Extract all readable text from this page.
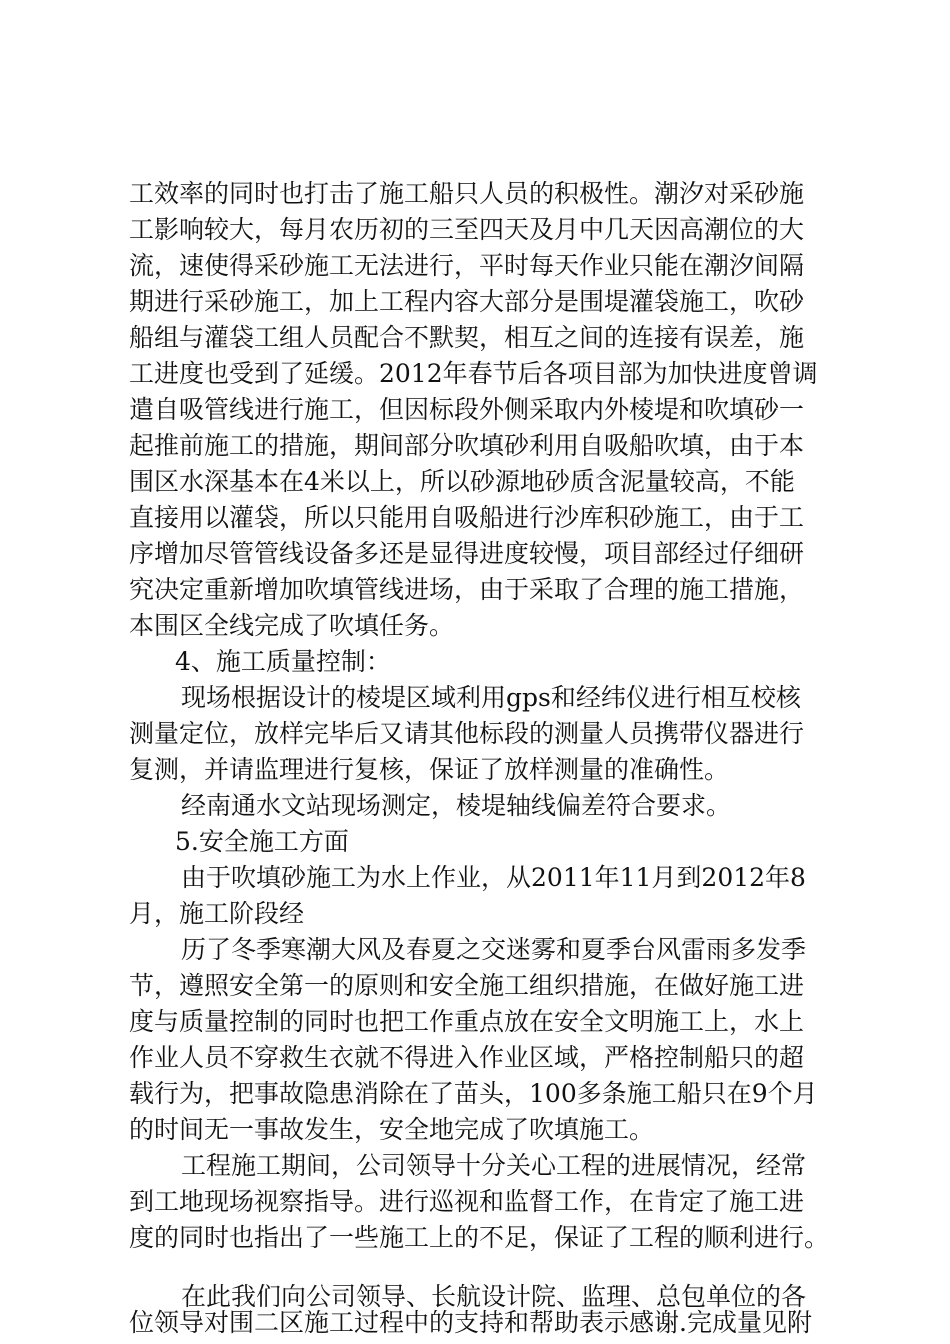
工效率的同时也打击了施工船只人员的积极性。潮汐对采砂施
工影响较大，每月农历初的三至四天及月中几天因高潮位的大
流，速使得采砂施工无法进行，平时每天作业只能在潮汐间隔
期进行采砂施工，加上工程内容大部分是围堤灌袋施工，吹砂
船组与灌袋工组人员配合不默契，相互之间的连接有误差，施
工进度也受到了延缓。2012年春节后各项目部为加快进度曾调
遣自吸管线进行施工，但因标段外侧采取内外棱堤和吹填砂一
起推前施工的措施，期间部分吹填砂利用自吸船吹填，由于本
围区水深基本在4米以上，所以砂源地砂质含泥量较高，不能
直接用以灌袋，所以只能用自吸船进行沙库积砂施工，由于工
序增加尽管管线设备多还是显得进度较慢，项目部经过仔细研
究决定重新增加吹填管线进场，由于采取了合理的施工措施，
本围区全线完成了吹填任务。
4、施工质量控制：
现场根据设计的棱堤区域利用gps和经纬仪进行相互校核
测量定位，放样完毕后又请其他标段的测量人员携带仪器进行
复测，并请监理进行复核，保证了放样测量的准确性。
经南通水文站现场测定，棱堤轴线偏差符合要求。
5.安全施工方面
由于吹填砂施工为水上作业，从2011年11月到2012年8
月，施工阶段经
历了冬季寒潮大风及春夏之交迷雾和夏季台风雷雨多发季
节，遵照安全第一的原则和安全施工组织措施，在做好施工进
度与质量控制的同时也把工作重点放在安全文明施工上，水上
作业人员不穿救生衣就不得进入作业区域，严格控制船只的超
载行为，把事故隐患消除在了苗头，100多条施工船只在9个月
的时间无一事故发生，安全地完成了吹填施工。
工程施工期间，公司领导十分关心工程的进展情况，经常
到工地现场视察指导。进行巡视和监督工作，在肯定了施工进
度的同时也指出了一些施工上的不足，保证了工程的顺利进行。
在此我们向公司领导、长航设计院、监理、总包单位的各
位领导对围二区施工过程中的支持和帮助表示感谢.完成量见附
